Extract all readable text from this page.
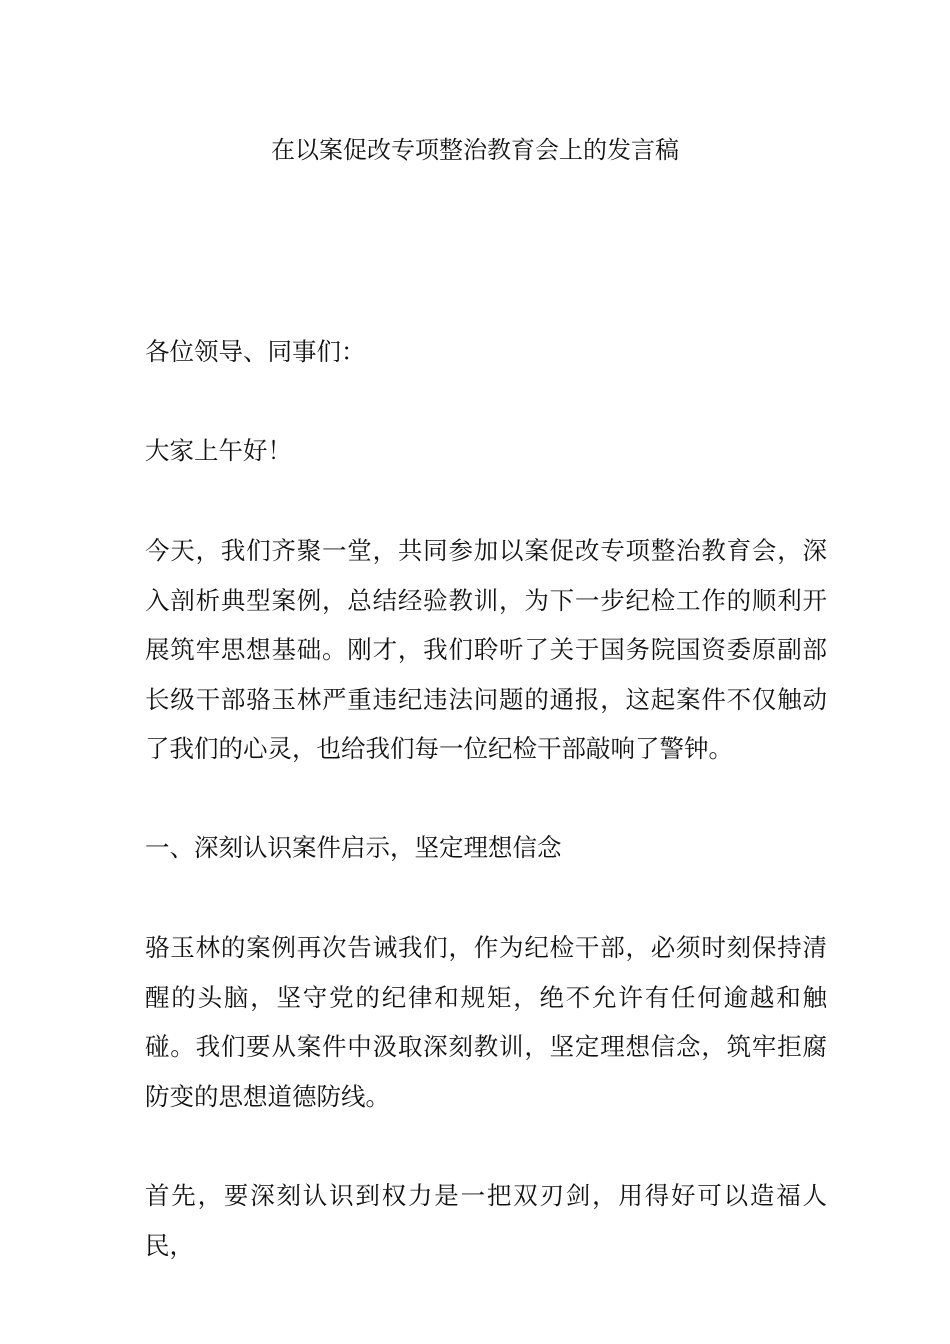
在以案促改专项整治教育会上的发言稿

各位领导、同事们：

大家上午好！

今天，我们齐聚一堂，共同参加以案促改专项整治教育会，深入剖析典型案例，总结经验教训，为下一步纪检工作的顺利开展筑牢思想基础。刚才，我们聆听了关于国务院国资委原副部长级干部骆玉林严重违纪违法问题的通报，这起案件不仅触动了我们的心灵，也给我们每一位纪检干部敲响了警钟。

一、深刻认识案件启示，坚定理想信念

骆玉林的案例再次告诫我们，作为纪检干部，必须时刻保持清醒的头脑，坚守党的纪律和规矩，绝不允许有任何逾越和触碰。我们要从案件中汲取深刻教训，坚定理想信念，筑牢拒腐防变的思想道德防线。

首先，要深刻认识到权力是一把双刃剑，用得好可以造福人民，
